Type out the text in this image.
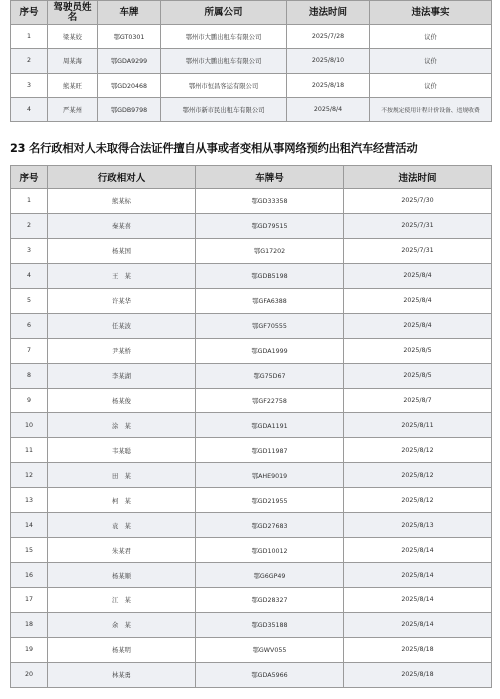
序号	驾驶员姓名	车牌	所属公司	违法时间	违法事实
1	梁某姣	鄂GT0301	鄂州市大鹏出租车有限公司	2025/7/28	议价
2	周某海	鄂GDA9299	鄂州市大鹏出租车有限公司	2025/8/10	议价
3	熊某旺	鄂GD20468	鄂州市恒昌客运有限公司	2025/8/18	议价
4	严某州	鄂GDB9798	鄂州市新市民出租车有限公司	2025/8/4	不按规定使用计程计价设备、违规收费
23 名行政相对人未取得合法证件擅自从事或者变相从事网络预约出租汽车经营活动
序号	行政相对人	车牌号	违法时间
1	熊某标	鄂GD33358	2025/7/30
2	秦某喜	鄂GD79515	2025/7/31
3	杨某国	鄂G17202	2025/7/31
4	王　某	鄂GDB5198	2025/8/4
5	许某华	鄂GFA6388	2025/8/4
6	任某波	鄂GF70555	2025/8/4
7	尹某桥	鄂GDA1999	2025/8/5
8	李某湖	鄂G75D67	2025/8/5
9	杨某俊	鄂GF22758	2025/8/7
10	涂　某	鄂GDA1191	2025/8/11
11	韦某聪	鄂GD11987	2025/8/12
12	田　某	鄂AHE9019	2025/8/12
13	柯　某	鄂GD21955	2025/8/12
14	袁　某	鄂GD27683	2025/8/13
15	朱某君	鄂GD10012	2025/8/14
16	杨某顺	鄂G6GP49	2025/8/14
17	江　某	鄂GD28327	2025/8/14
18	余　某	鄂GD35188	2025/8/14
19	杨某明	鄂GWV055	2025/8/18
20	林某勇	鄂GDA5966	2025/8/18
